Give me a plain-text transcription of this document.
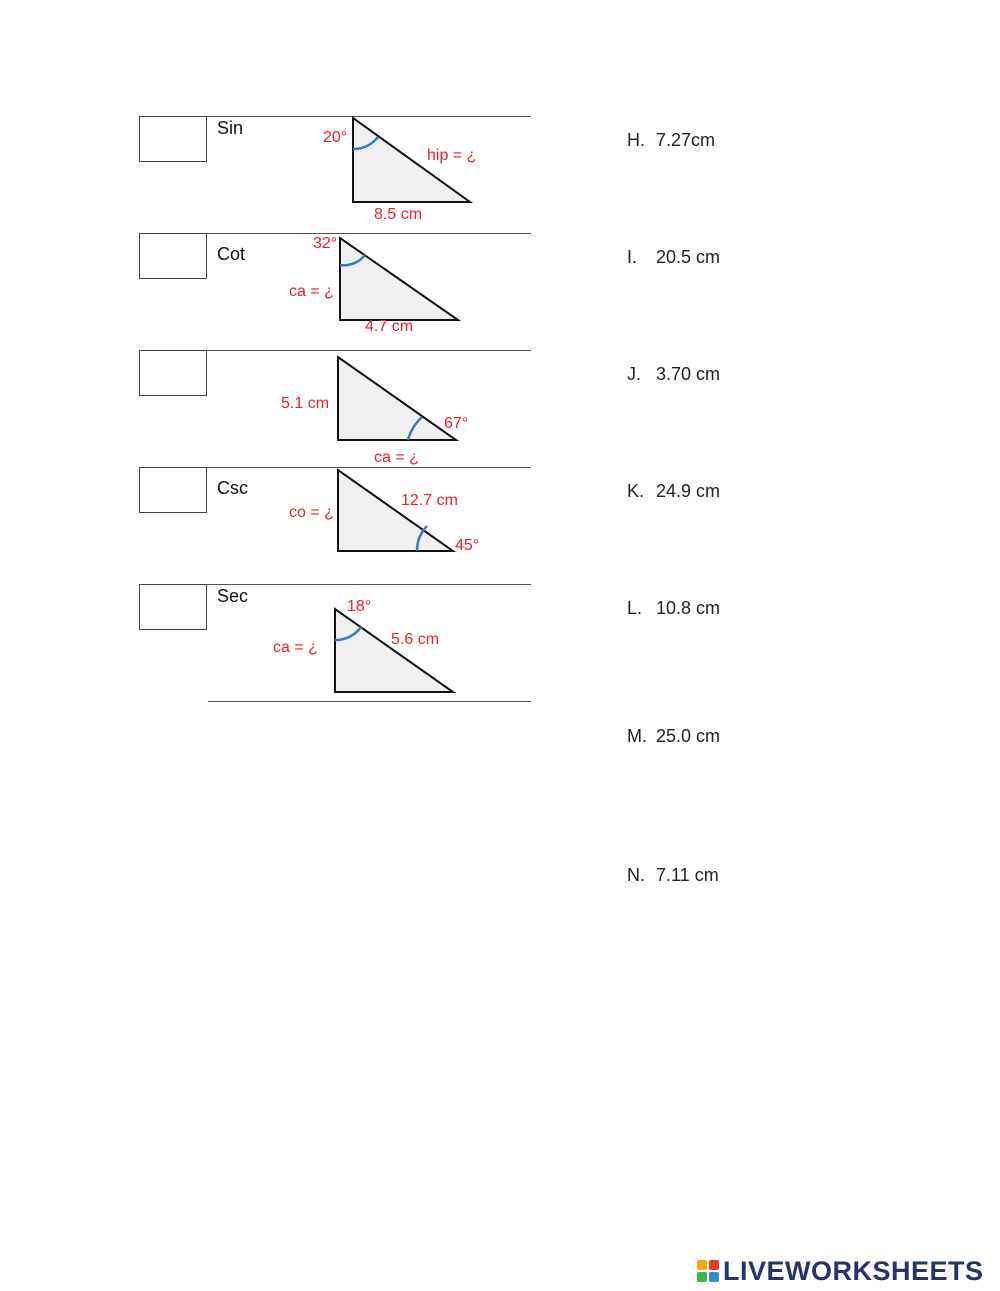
Sin
Cot
Csc
Sec
20°
hip = ¿
8.5 cm
32°
ca = ¿
4.7 cm
67°
5.1 cm
ca = ¿
45°
co = ¿
12.7 cm
18°
ca = ¿	5.6 cm
H. 7.27cm
I.	20.5 cm
J. 3.70 cm
K. 24.9 cm
L. 10.8 cm
M. 25.0 cm
N. 7.11 cm
LIVEWORKSHEETS
